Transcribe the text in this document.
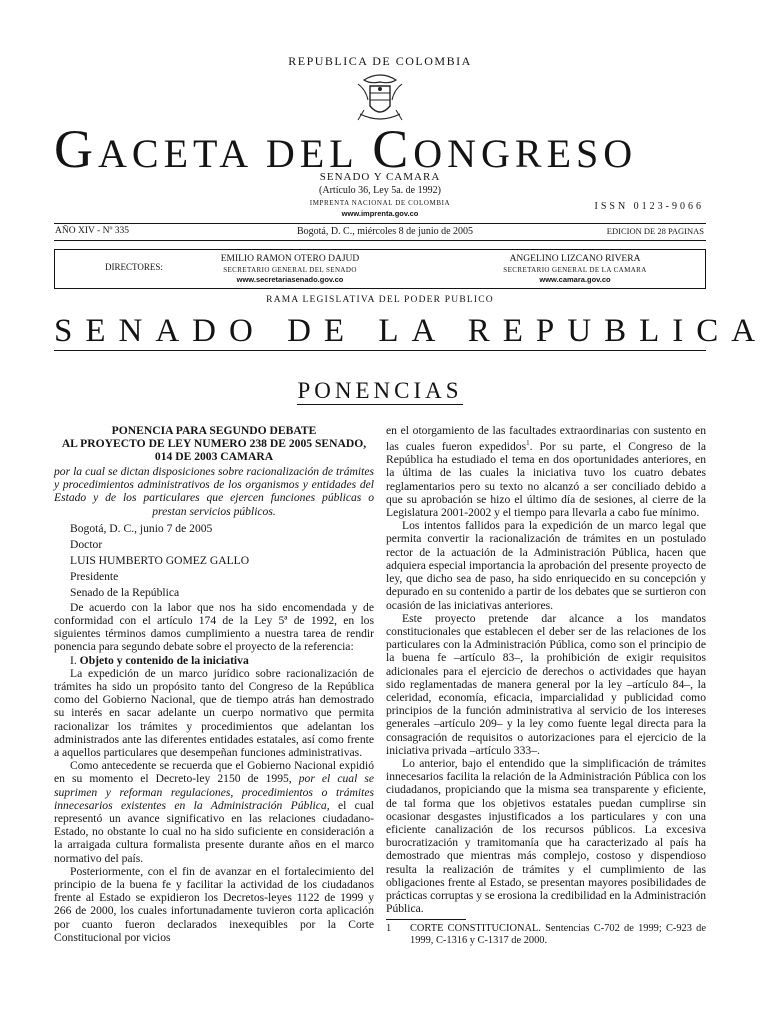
REPUBLICA DE COLOMBIA
GACETA DEL CONGRESO
SENADO Y CAMARA
(Artículo 36, Ley 5a. de 1992)
IMPRENTA NACIONAL DE COLOMBIA
www.imprenta.gov.co
ISSN 0123-9066
AÑO XIV - Nº 335	Bogotá, D. C., miércoles 8 de junio de 2005	EDICION DE 28 PAGINAS
DIRECTORES:
EMILIO RAMON OTERO DAJUD
SECRETARIO GENERAL DEL SENADO
www.secretariasenado.gov.co
ANGELINO LIZCANO RIVERA
SECRETARIO GENERAL DE LA CAMARA
www.camara.gov.co
RAMA LEGISLATIVA DEL PODER PUBLICO
SENADO DE LA REPUBLICA
PONENCIAS

PONENCIA PARA SEGUNDO DEBATE

AL PROYECTO DE LEY NUMERO 238 DE 2005 SENADO,

014 DE 2003 CAMARA

por la cual se dictan disposiciones sobre racionalización de trámites y procedimientos administrativos de los organismos y entidades del Estado y de los particulares que ejercen funciones públicas o prestan servicios públicos.

Bogotá, D. C., junio 7 de 2005

Doctor

LUIS HUMBERTO GOMEZ GALLO

Presidente

Senado de la República

De acuerdo con la labor que nos ha sido encomendada y de conformidad con el artículo 174 de la Ley 5ª de 1992, en los siguientes términos damos cumplimiento a nuestra tarea de rendir ponencia para segundo debate sobre el proyecto de la referencia:

I. Objeto y contenido de la iniciativa

La expedición de un marco jurídico sobre racionalización de trámites ha sido un propósito tanto del Congreso de la República como del Gobierno Nacional, que de tiempo atrás han demostrado su interés en sacar adelante un cuerpo normativo que permita racionalizar los trámites y procedimientos que adelantan los administrados ante las diferentes entidades estatales, así como frente a aquellos particulares que desempeñan funciones administrativas.

Como antecedente se recuerda que el Gobierno Nacional expidió en su momento el Decreto-ley 2150 de 1995, por el cual se suprimen y reforman regulaciones, procedimientos o trámites innecesarios existentes en la Administración Pública, el cual representó un avance significativo en las relaciones ciudadano-Estado, no obstante lo cual no ha sido suficiente en consideración a la arraigada cultura formalista presente durante años en el marco normativo del país.

Posteriormente, con el fin de avanzar en el fortalecimiento del principio de la buena fe y facilitar la actividad de los ciudadanos frente al Estado se expidieron los Decretos-leyes 1122 de 1999 y 266 de 2000, los cuales infortunadamente tuvieron corta aplicación por cuanto fueron declarados inexequibles por la Corte Constitucional por vicios

en el otorgamiento de las facultades extraordinarias con sustento en las cuales fueron expedidos$^1$. Por su parte, el Congreso de la República ha estudiado el tema en dos oportunidades anteriores, en la última de las cuales la iniciativa tuvo los cuatro debates reglamentarios pero su texto no alcanzó a ser conciliado debido a que su aprobación se hizo el último día de sesiones, al cierre de la Legislatura 2001-2002 y el tiempo para llevarla a cabo fue mínimo.

Los intentos fallidos para la expedición de un marco legal que permita convertir la racionalización de trámites en un postulado rector de la actuación de la Administración Pública, hacen que adquiera especial importancia la aprobación del presente proyecto de ley, que dicho sea de paso, ha sido enriquecido en su concepción y depurado en su contenido a partir de los debates que se surtieron con ocasión de las iniciativas anteriores.

Este proyecto pretende dar alcance a los mandatos constitucionales que establecen el deber ser de las relaciones de los particulares con la Administración Pública, como son el principio de la buena fe –artículo 83–, la prohibición de exigir requisitos adicionales para el ejercicio de derechos o actividades que hayan sido reglamentadas de manera general por la ley –artículo 84–, la celeridad, economía, eficacia, imparcialidad y publicidad como principios de la función administrativa al servicio de los intereses generales –artículo 209– y la ley como fuente legal directa para la consagración de requisitos o autorizaciones para el ejercicio de la iniciativa privada –artículo 333–.

Lo anterior, bajo el entendido que la simplificación de trámites innecesarios facilita la relación de la Administración Pública con los ciudadanos, propiciando que la misma sea transparente y eficiente, de tal forma que los objetivos estatales puedan cumplirse sin ocasionar desgastes injustificados a los particulares y con una eficiente canalización de los recursos públicos. La excesiva burocratización y tramitomanía que ha caracterizado al país ha demostrado que mientras más complejo, costoso y dispendioso resulta la realización de trámites y el cumplimiento de las obligaciones frente al Estado, se presentan mayores posibilidades de prácticas corruptas y se erosiona la credibilidad en la Administración Pública.

1	CORTE CONSTITUCIONAL. Sentencias C-702 de 1999; C-923 de 1999, C-1316 y C-1317 de 2000.
